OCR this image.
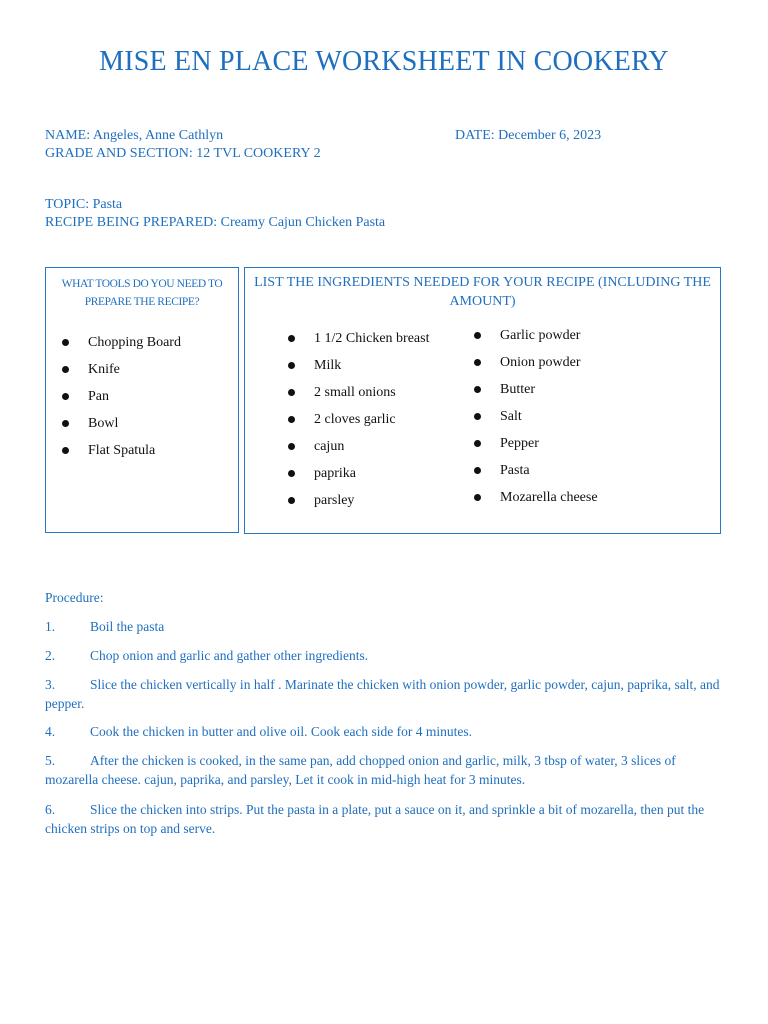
MISE EN PLACE WORKSHEET IN COOKERY
NAME: Angeles, Anne Cathlyn	DATE: December 6, 2023
GRADE AND SECTION: 12 TVL COOKERY 2
TOPIC: Pasta
RECIPE BEING PREPARED: Creamy Cajun Chicken Pasta
WHAT TOOLS DO YOU NEED TO PREPARE THE RECIPE?
Chopping Board
Knife
Pan
Bowl
Flat Spatula
LIST THE INGREDIENTS NEEDED FOR YOUR RECIPE (INCLUDING THE AMOUNT)
1 1/2 Chicken breast
Milk
2 small onions
2 cloves garlic
cajun
paprika
parsley
Garlic powder
Onion powder
Butter
Salt
Pepper
Pasta
Mozarella cheese
Procedure:
1.	Boil the pasta
2.	Chop onion and garlic and gather other ingredients.
3.	Slice the chicken vertically in half . Marinate the chicken with onion powder, garlic powder, cajun, paprika, salt, and pepper.
4.	Cook the chicken in butter and olive oil. Cook each side for 4 minutes.
5.	After the chicken is cooked, in the same pan, add chopped onion and garlic, milk, 3 tbsp of water, 3 slices of mozarella cheese. cajun, paprika, and parsley, Let it cook in mid-high heat for 3 minutes.
6.	Slice the chicken into strips. Put the pasta in a plate, put a sauce on it, and sprinkle a bit of mozarella, then put the chicken strips on top and serve.
